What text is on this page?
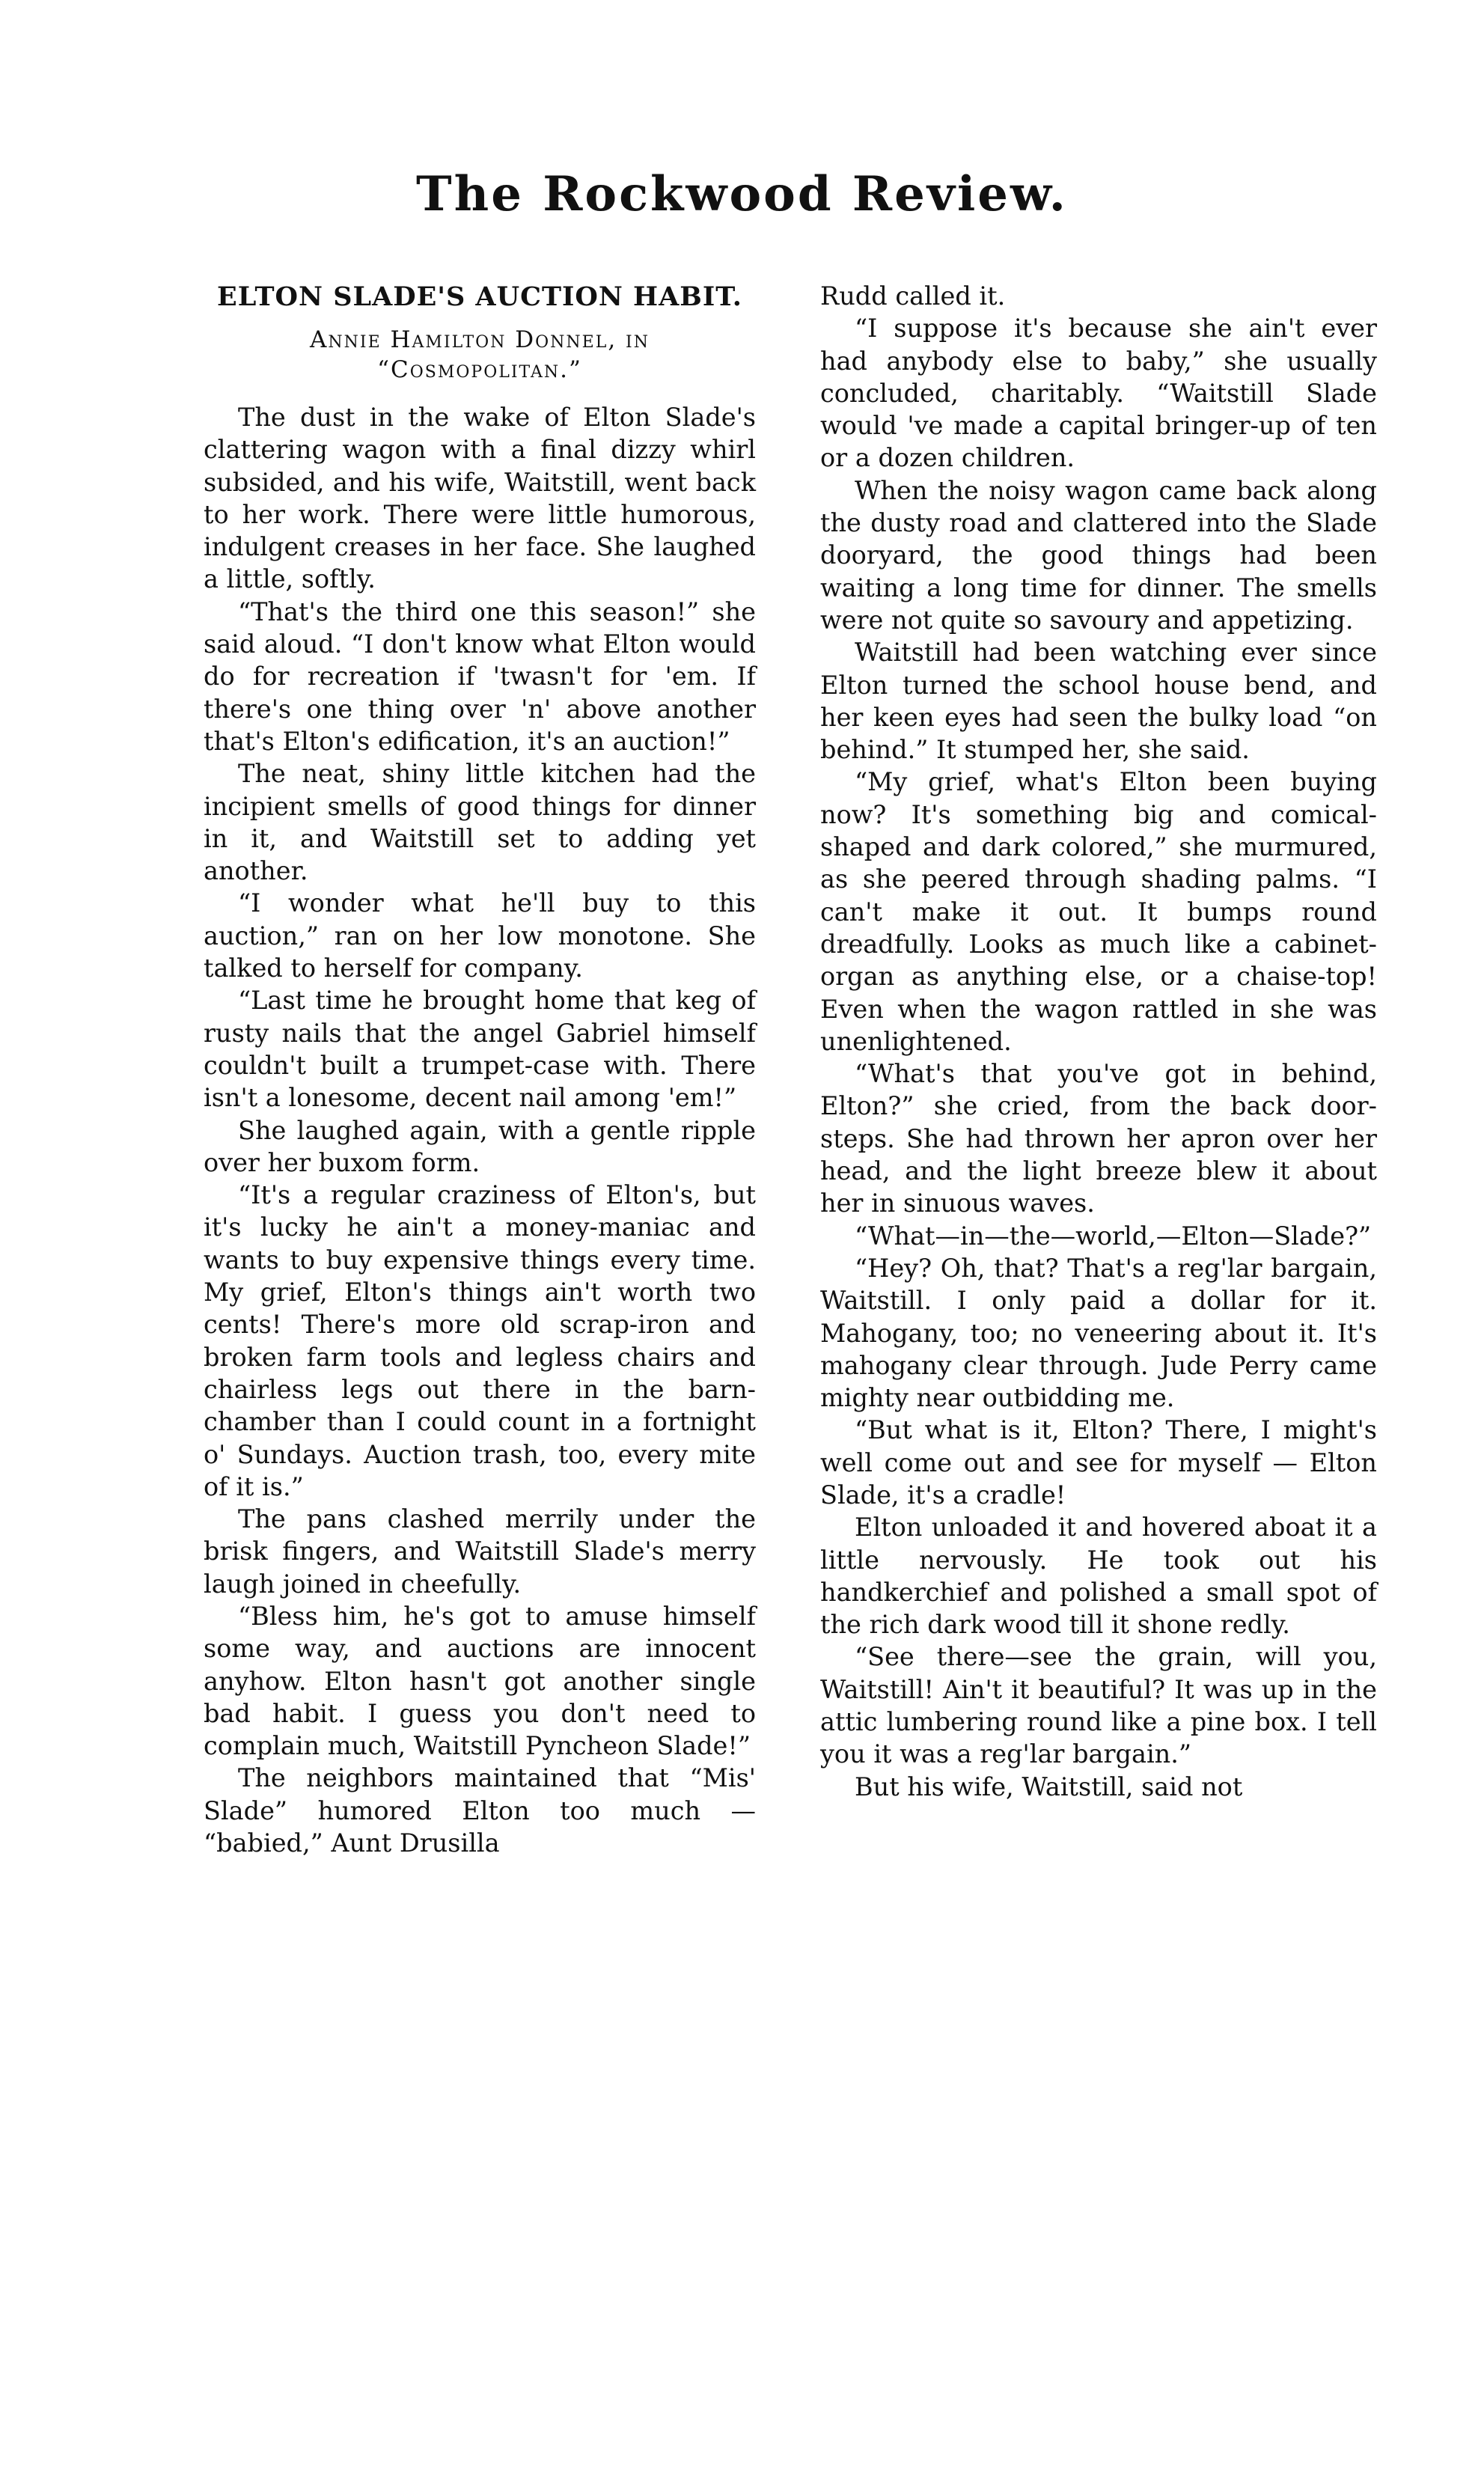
The Rockwood Review.
ELTON SLADE'S AUCTION HABIT.
Annie Hamilton Donnel, in
“Cosmopolitan.”

The dust in the wake of Elton Slade's clattering wagon with a final dizzy whirl subsided, and his wife, Waitstill, went back to her work. There were little humorous, indulgent creases in her face. She laughed a little, softly.

“That's the third one this season!” she said aloud. “I don't know what Elton would do for recreation if 'twasn't for 'em. If there's one thing over 'n' above another that's Elton's edification, it's an auction!”

The neat, shiny little kitchen had the incipient smells of good things for dinner in it, and Waitstill set to adding yet another.

“I wonder what he'll buy to this auction,” ran on her low monotone. She talked to herself for company.

“Last time he brought home that keg of rusty nails that the angel Gabriel himself couldn't built a trumpet-case with. There isn't a lonesome, decent nail among 'em!”

She laughed again, with a gentle ripple over her buxom form.

“It's a regular craziness of Elton's, but it's lucky he ain't a money-maniac and wants to buy expensive things every time. My grief, Elton's things ain't worth two cents! There's more old scrap-iron and broken farm tools and legless chairs and chairless legs out there in the barn-chamber than I could count in a fortnight o' Sundays. Auction trash, too, every mite of it is.”

The pans clashed merrily under the brisk fingers, and Waitstill Slade's merry laugh joined in cheefully.

“Bless him, he's got to amuse himself some way, and auctions are innocent anyhow. Elton hasn't got another single bad habit. I guess you don't need to complain much, Waitstill Pyncheon Slade!”

The neighbors maintained that “Mis' Slade” humored Elton too much — “babied,” Aunt Drusilla

Rudd called it.

“I suppose it's because she ain't ever had anybody else to baby,” she usually concluded, charitably. “Waitstill Slade would 've made a capital bringer-up of ten or a dozen children.

When the noisy wagon came back along the dusty road and clattered into the Slade dooryard, the good things had been waiting a long time for dinner. The smells were not quite so savoury and appetizing.

Waitstill had been watching ever since Elton turned the school house bend, and her keen eyes had seen the bulky load “on behind.” It stumped her, she said.

“My grief, what's Elton been buying now? It's something big and comical-shaped and dark colored,” she murmured, as she peered through shading palms. “I can't make it out. It bumps round dreadfully. Looks as much like a cabinet-organ as anything else, or a chaise-top! Even when the wagon rattled in she was unenlightened.

“What's that you've got in behind, Elton?” she cried, from the back door-steps. She had thrown her apron over her head, and the light breeze blew it about her in sinuous waves.

“What—in—the—world,—Elton—Slade?”

“Hey? Oh, that? That's a reg'lar bargain, Waitstill. I only paid a dollar for it. Mahogany, too; no veneering about it. It's mahogany clear through. Jude Perry came mighty near outbidding me.

“But what is it, Elton? There, I might's well come out and see for myself — Elton Slade, it's a cradle!

Elton unloaded it and hovered aboat it a little nervously. He took out his handkerchief and polished a small spot of the rich dark wood till it shone redly.

“See there—see the grain, will you, Waitstill! Ain't it beautiful? It was up in the attic lumbering round like a pine box. I tell you it was a reg'lar bargain.”

But his wife, Waitstill, said not
